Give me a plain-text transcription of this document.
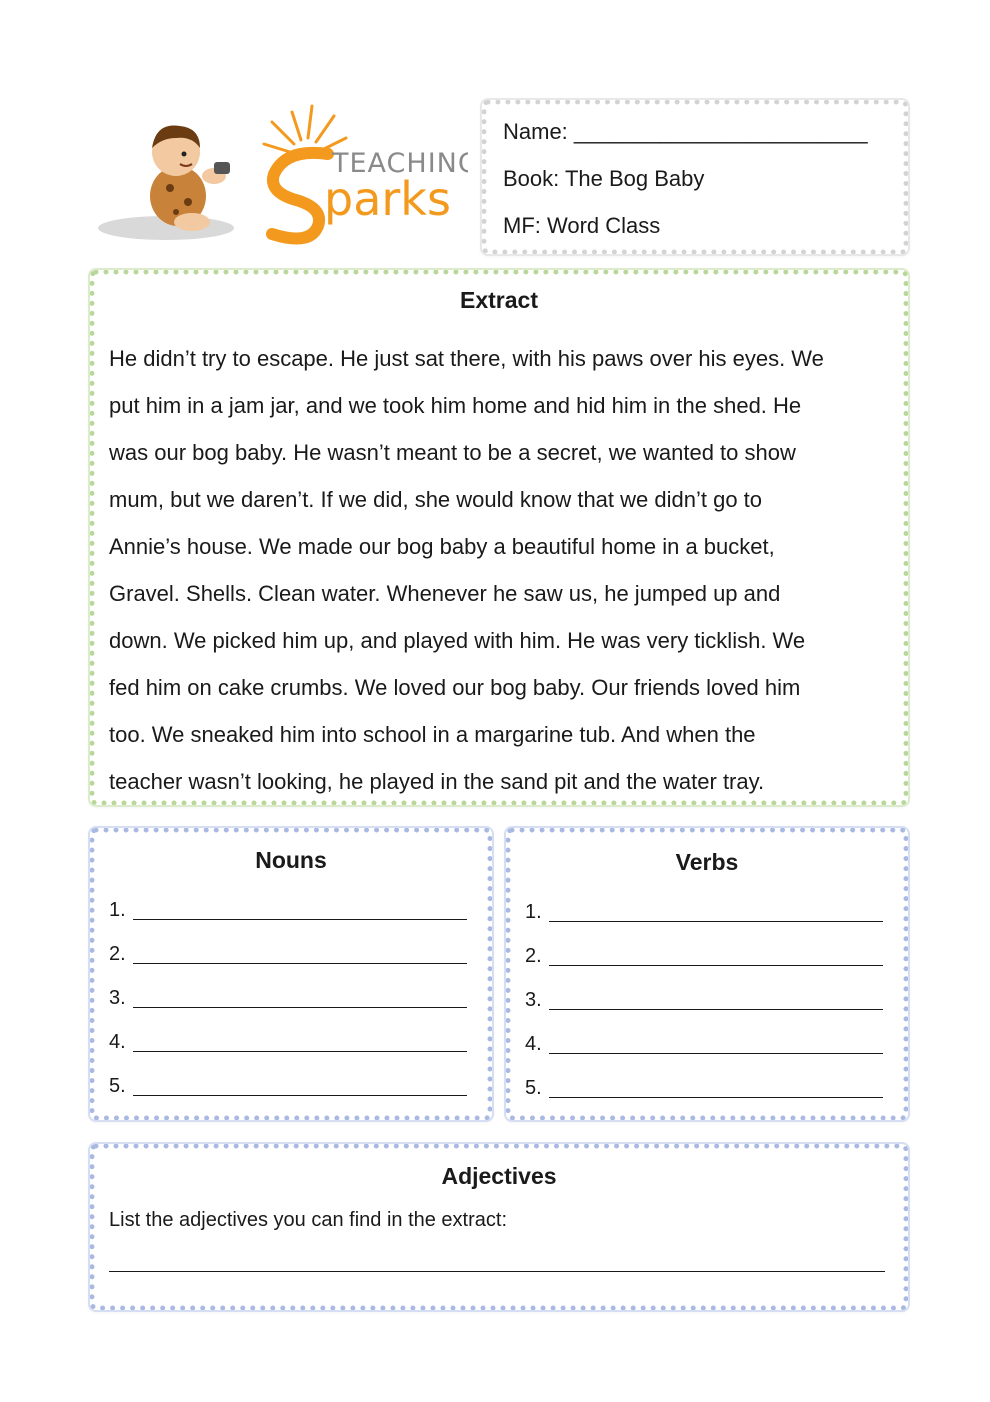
TEACHING
parks
Name: ________________________
Book: The Bog Baby
MF: Word Class
Extract
He didn’t try to escape. He just sat there, with his paws over his eyes. We
put him in a jam jar, and we took him home and hid him in the shed. He
was our bog baby. He wasn’t meant to be a secret, we wanted to show
mum, but we daren’t. If we did, she would know that we didn’t go to
Annie’s house. We made our bog baby a beautiful home in a bucket,
Gravel. Shells. Clean water. Whenever he saw us, he jumped up and
down. We picked him up, and played with him. He was very ticklish. We
fed him on cake crumbs. We loved our bog baby. Our friends loved him
too. We sneaked him into school in a margarine tub. And when the
teacher wasn’t looking, he played in the sand pit and the water tray.
Nouns
1.
2.
3.
4.
5.
Verbs
1.
2.
3.
4.
5.
Adjectives
List the adjectives you can find in the extract:
